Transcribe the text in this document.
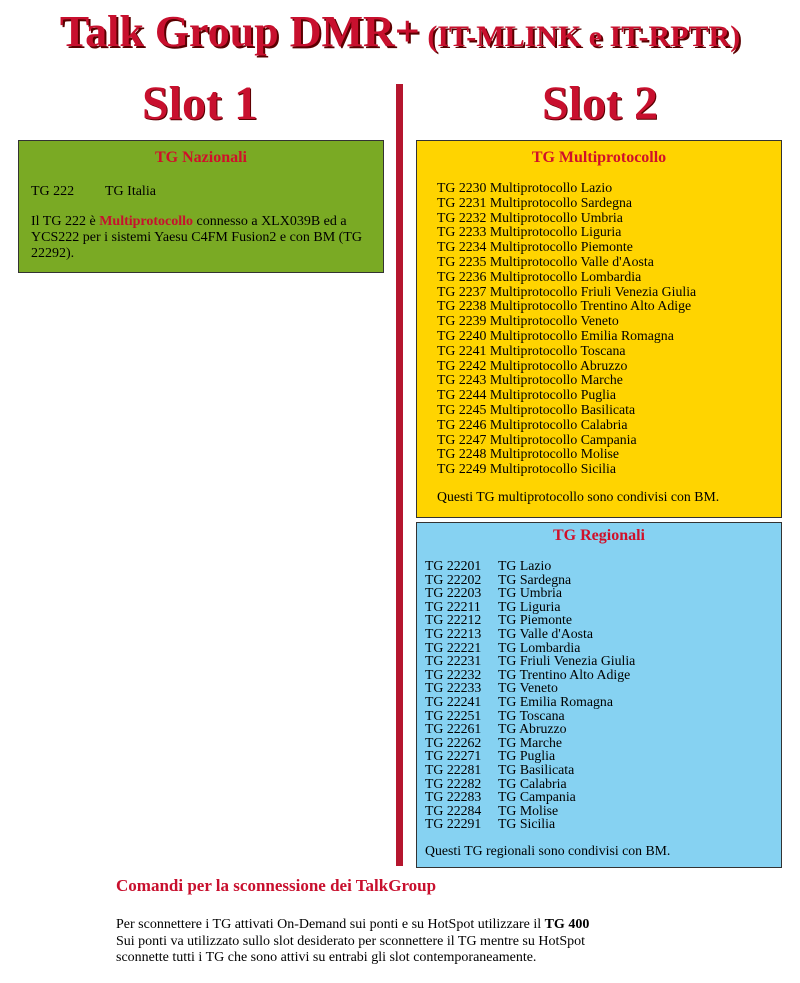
Talk Group DMR+ (IT-MLINK e IT-RPTR)
Slot 1	Slot 2
TG Nazionali
TG 222 TG Italia
Il TG 222 è Multiprotocollo connesso a XLX039B ed a YCS222 per i sistemi Yaesu C4FM Fusion2 e con BM (TG 22292).
TG Multiprotocollo
TG 2230 Multiprotocollo Lazio
TG 2231 Multiprotocollo Sardegna
TG 2232 Multiprotocollo Umbria
TG 2233 Multiprotocollo Liguria
TG 2234 Multiprotocollo Piemonte
TG 2235 Multiprotocollo Valle d'Aosta
TG 2236 Multiprotocollo Lombardia
TG 2237 Multiprotocollo Friuli Venezia Giulia
TG 2238 Multiprotocollo Trentino Alto Adige
TG 2239 Multiprotocollo Veneto
TG 2240 Multiprotocollo Emilia Romagna
TG 2241 Multiprotocollo Toscana
TG 2242 Multiprotocollo Abruzzo
TG 2243 Multiprotocollo Marche
TG 2244 Multiprotocollo Puglia
TG 2245 Multiprotocollo Basilicata
TG 2246 Multiprotocollo Calabria
TG 2247 Multiprotocollo Campania
TG 2248 Multiprotocollo Molise
TG 2249 Multiprotocollo Sicilia
Questi TG multiprotocollo sono condivisi con BM.
TG Regionali
TG 22201 TG Lazio
TG 22202 TG Sardegna
TG 22203 TG Umbria
TG 22211 TG Liguria
TG 22212 TG Piemonte
TG 22213 TG Valle d'Aosta
TG 22221 TG Lombardia
TG 22231 TG Friuli Venezia Giulia
TG 22232 TG Trentino Alto Adige
TG 22233 TG Veneto
TG 22241 TG Emilia Romagna
TG 22251 TG Toscana
TG 22261 TG Abruzzo
TG 22262 TG Marche
TG 22271 TG Puglia
TG 22281 TG Basilicata
TG 22282 TG Calabria
TG 22283 TG Campania
TG 22284 TG Molise
TG 22291 TG Sicilia
Questi TG regionali sono condivisi con BM.
Comandi per la sconnessione dei TalkGroup

Per sconnettere i TG attivati On-Demand sui ponti e su HotSpot utilizzare il TG 400

Sui ponti va utilizzato sullo slot desiderato per sconnettere il TG mentre su HotSpot

sconnette tutti i TG che sono attivi su entrabi gli slot contemporaneamente.
